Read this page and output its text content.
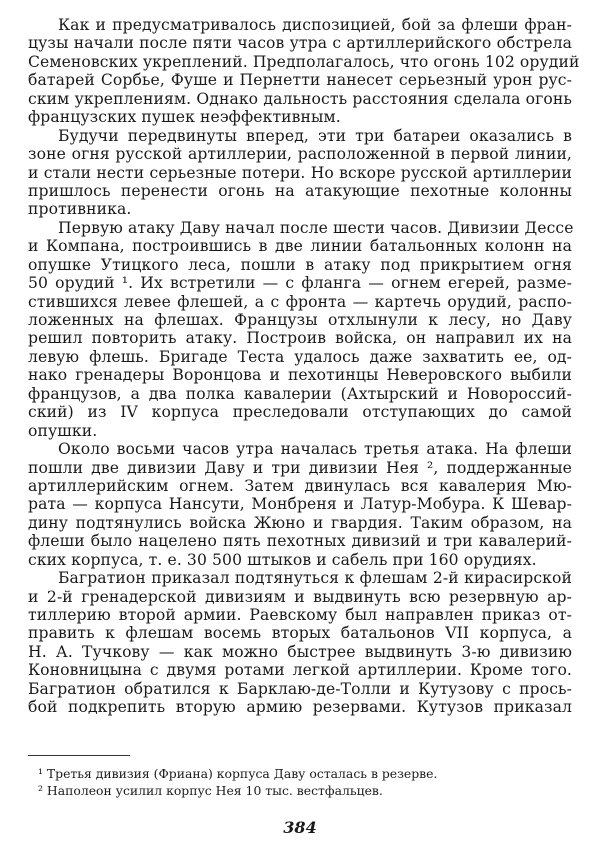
Как и предусматривалось диспозицией, бой за флеши фран-
цузы начали после пяти часов утра с артиллерийского обстрела
Семеновских укреплений. Предполагалось, что огонь 102 орудий
батарей Сорбье, Фуше и Пернетти нанесет серьезный урон рус-
ским укреплениям. Однако дальность расстояния сделала огонь
французских пушек неэффективным.
Будучи передвинуты вперед, эти три батареи оказались в
зоне огня русской артиллерии, расположенной в первой линии,
и стали нести серьезные потери. Но вскоре русской артиллерии
пришлось перенести огонь на атакующие пехотные колонны
противника.
Первую атаку Даву начал после шести часов. Дивизии Дессе
и Компана, построившись в две линии батальонных колонн на
опушке Утицкого леса, пошли в атаку под прикрытием огня
50 орудий ¹. Их встретили — с фланга — огнем егерей, разме-
стившихся левее флешей, а с фронта — картечь орудий, распо-
ложенных на флешах. Французы отхлынули к лесу, но Даву
решил повторить атаку. Построив войска, он направил их на
левую флешь. Бригаде Теста удалось даже захватить ее, од-
нако гренадеры Воронцова и пехотинцы Неверовского выбили
французов, а два полка кавалерии (Ахтырский и Новороссий-
ский) из IV корпуса преследовали отступающих до самой
опушки.
Около восьми часов утра началась третья атака. На флеши
пошли две дивизии Даву и три дивизии Нея ², поддержанные
артиллерийским огнем. Затем двинулась вся кавалерия Мю-
рата — корпуса Нансути, Монбреня и Латур-Мобура. К Шевар-
дину подтянулись войска Жюно и гвардия. Таким образом, на
флеши было нацелено пять пехотных дивизий и три кавалерий-
ских корпуса, т. е. 30 500 штыков и сабель при 160 орудиях.
Багратион приказал подтянуться к флешам 2-й кирасирской
и 2-й гренадерской дивизиям и выдвинуть всю резервную ар-
тиллерию второй армии. Раевскому был направлен приказ от-
править к флешам восемь вторых батальонов VII корпуса, а
Н. А. Тучкову — как можно быстрее выдвинуть 3-ю дивизию
Коновницына с двумя ротами легкой артиллерии. Кроме того.
Багратион обратился к Барклаю-де-Толли и Кутузову с прось-
бой подкрепить вторую армию резервами. Кутузов приказал
¹ Третья дивизия (Фриана) корпуса Даву осталась в резерве.
² Наполеон усилил корпус Нея 10 тыс. вестфальцев.
384
